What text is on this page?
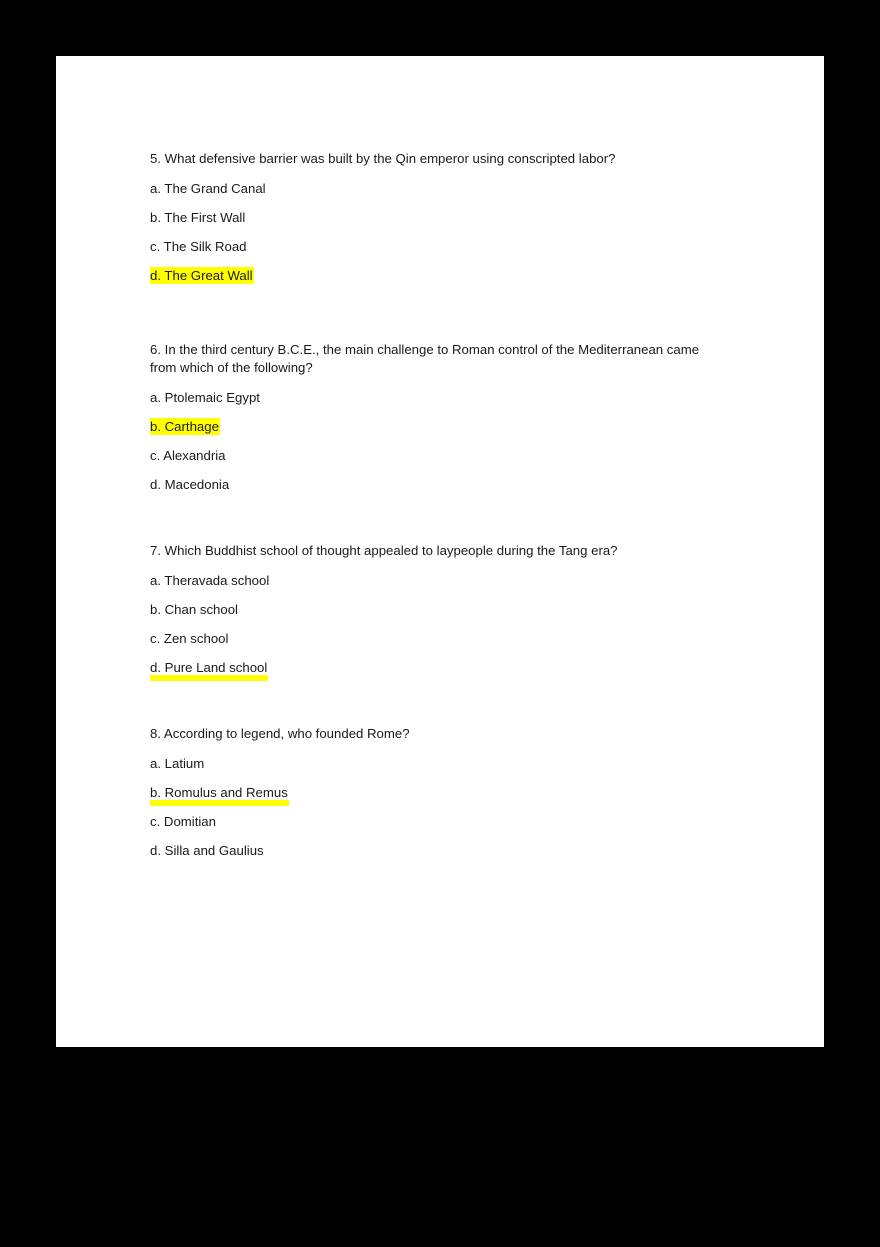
5. What defensive barrier was built by the Qin emperor using conscripted labor?
a. The Grand Canal
b. The First Wall
c. The Silk Road
d. The Great Wall
6. In the third century B.C.E., the main challenge to Roman control of the Mediterranean came from which of the following?
a. Ptolemaic Egypt
b. Carthage
c. Alexandria
d. Macedonia
7. Which Buddhist school of thought appealed to laypeople during the Tang era?
a. Theravada school
b. Chan school
c. Zen school
d. Pure Land school
8. According to legend, who founded Rome?
a. Latium
b. Romulus and Remus
c. Domitian
d. Silla and Gaulius
